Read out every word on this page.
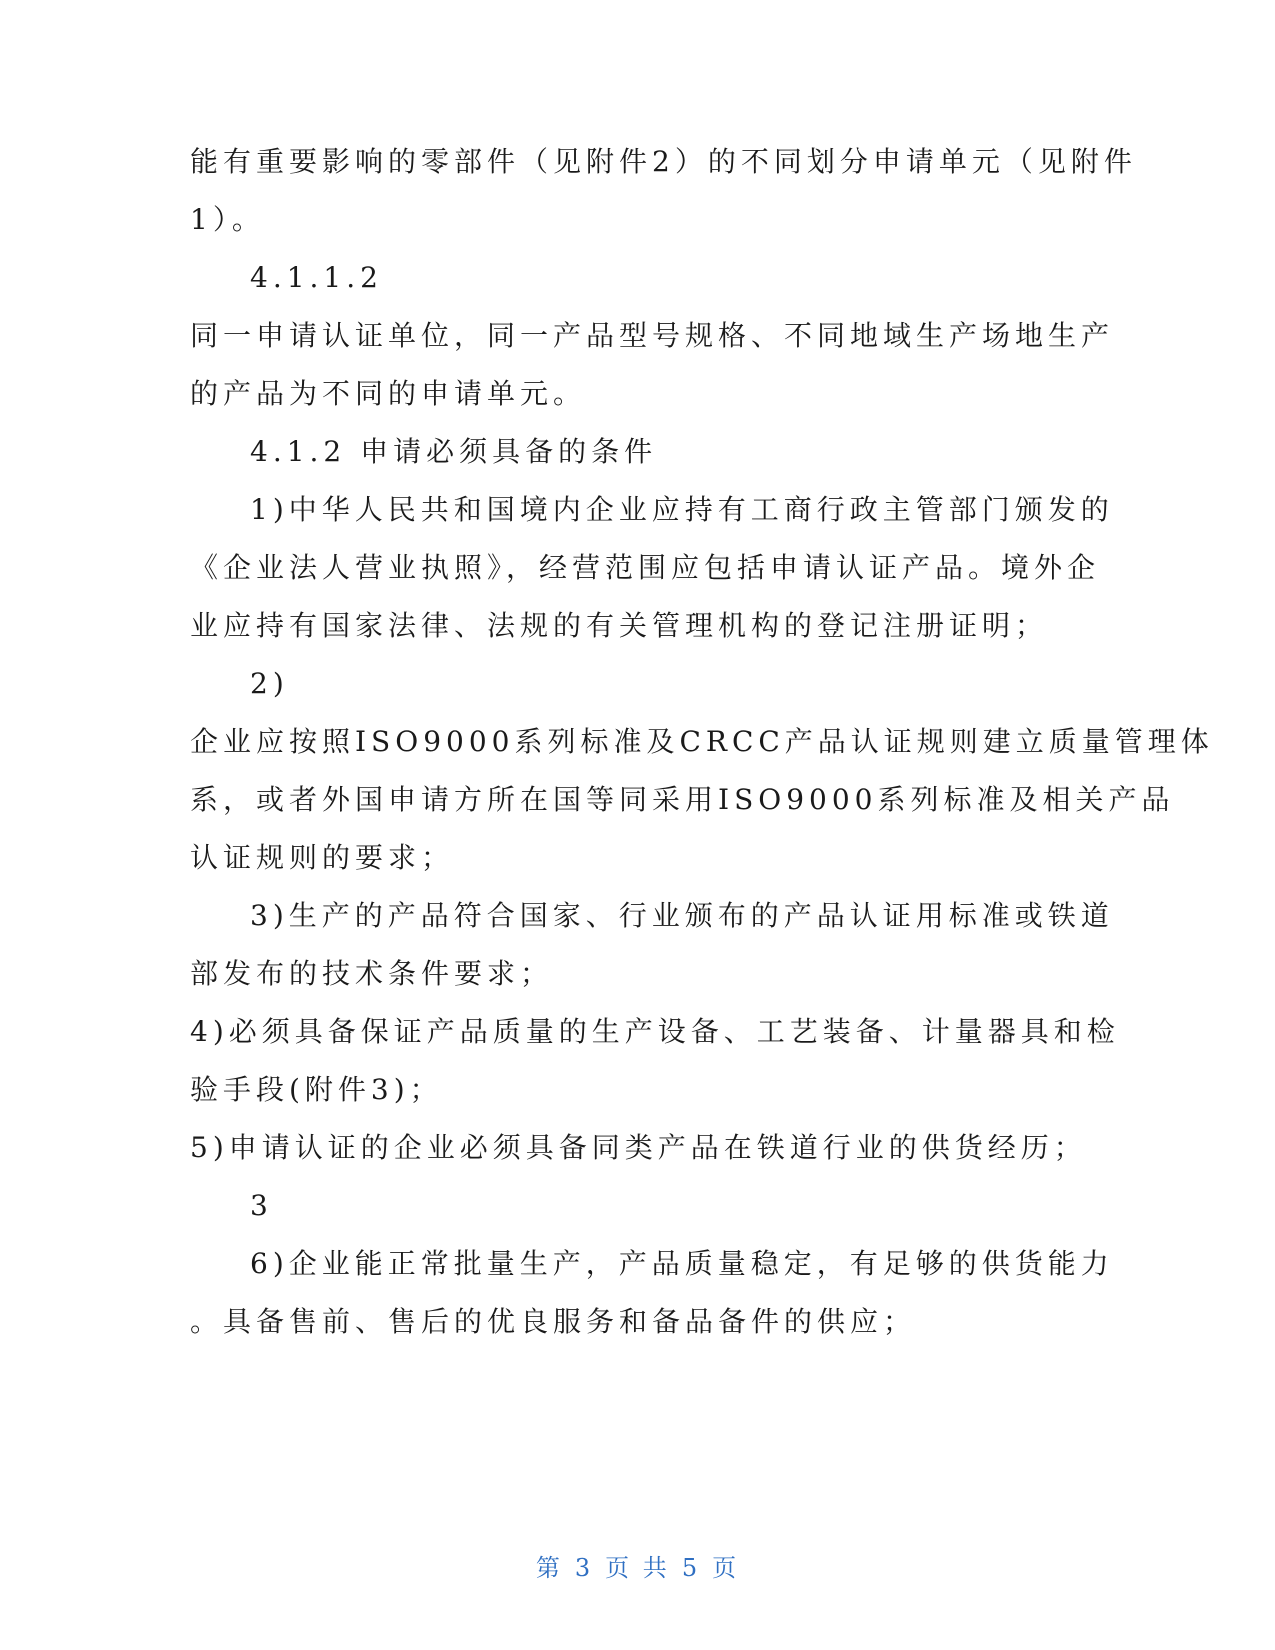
能有重要影响的零部件（见附件2）的不同划分申请单元（见附件
1）。
4.1.1.2
同一申请认证单位，同一产品型号规格、不同地域生产场地生产
的产品为不同的申请单元。
4.1.2 申请必须具备的条件
1)中华人民共和国境内企业应持有工商行政主管部门颁发的
《企业法人营业执照》，经营范围应包括申请认证产品。境外企
业应持有国家法律、法规的有关管理机构的登记注册证明；
2)
企业应按照ISO9000系列标准及CRCC产品认证规则建立质量管理体
系，或者外国申请方所在国等同采用ISO9000系列标准及相关产品
认证规则的要求；
3)生产的产品符合国家、行业颁布的产品认证用标准或铁道
部发布的技术条件要求；
4)必须具备保证产品质量的生产设备、工艺装备、计量器具和检
验手段(附件3)；
5)申请认证的企业必须具备同类产品在铁道行业的供货经历；
3
6)企业能正常批量生产，产品质量稳定，有足够的供货能力
。具备售前、售后的优良服务和备品备件的供应；
第 3 页 共 5 页
